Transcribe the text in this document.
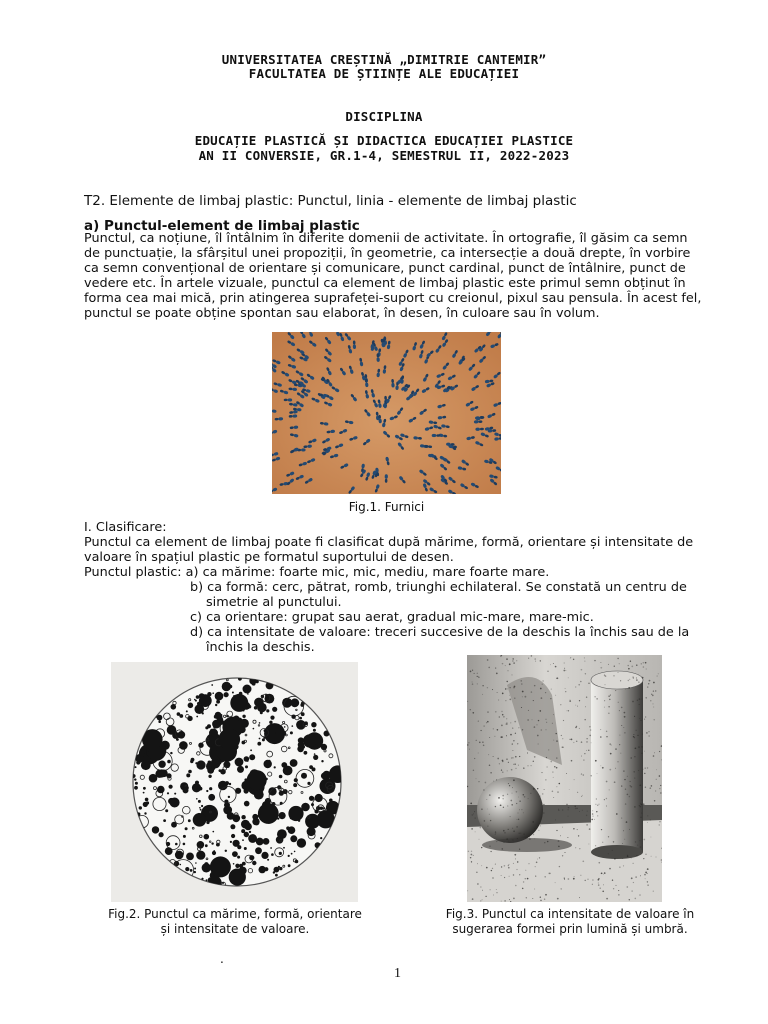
UNIVERSITATEA CREȘTINĂ „DIMITRIE CANTEMIR”
FACULTATEA DE ȘTIINȚE ALE EDUCAȚIEI
DISCIPLINA
EDUCAȚIE PLASTICĂ ȘI DIDACTICA EDUCAȚIEI PLASTICE
AN II CONVERSIE, GR.1-4, SEMESTRUL II, 2022-2023
T2. Elemente de limbaj plastic: Punctul, linia - elemente de limbaj plastic
a) Punctul-element de limbaj plastic
Punctul, ca noțiune, îl întâlnim în diferite domenii de activitate. În ortografie, îl găsim ca semn
de punctuație, la sfârșitul unei propoziții, în geometrie, ca intersecție a două drepte, în vorbire
ca semn convențional de orientare și comunicare, punct cardinal, punct de întâlnire, punct de
vedere etc. În artele vizuale, punctul ca element de limbaj plastic este primul semn obținut în
forma cea mai mică, prin atingerea suprafeței-suport cu creionul, pixul sau pensula. În acest fel,
punctul se poate obține spontan sau elaborat, în desen, în culoare sau în volum.
Fig.1. Furnici
I. Clasificare:
Punctul ca element de limbaj poate fi clasificat după mărime, formă, orientare și intensitate de
valoare în spațiul plastic pe formatul suportului de desen.
Punctul plastic: a) ca mărime: foarte mic, mic, mediu, mare foarte mare.
b) ca formă: cerc, pătrat, romb, triunghi echilateral. Se constată un centru de
simetrie al punctului.
c) ca orientare: grupat sau aerat, gradual mic-mare, mare-mic.
d) ca intensitate de valoare: treceri succesive de la deschis la închis sau de la
închis la deschis.
Fig.2. Punctul ca mărime, formă, orientare
și intensitate de valoare.
Fig.3. Punctul ca intensitate de valoare în
sugerarea formei prin lumină și umbră.
.
1
